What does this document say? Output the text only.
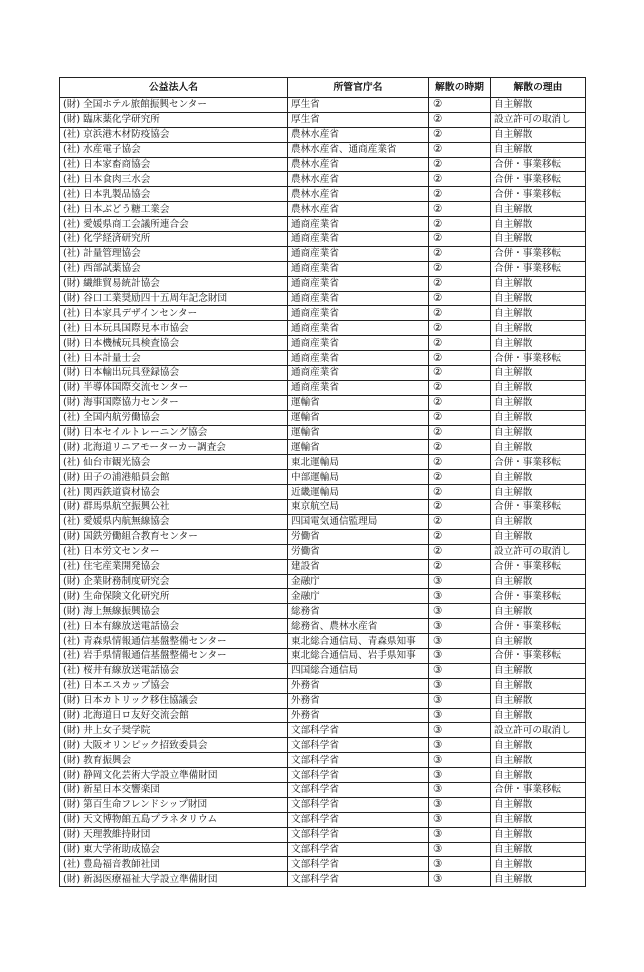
公益法人名	所管官庁名	解散の時期	解散の理由
(財) 全国ホテル旅館振興センター	厚生省	②	自主解散
(財) 臨床薬化学研究所	厚生省	②	設立許可の取消し
(社) 京浜港木材防疫協会	農林水産省	②	自主解散
(社) 水産電子協会	農林水産省、通商産業省	②	自主解散
(社) 日本家畜商協会	農林水産省	②	合併・事業移転
(社) 日本食肉三水会	農林水産省	②	合併・事業移転
(社) 日本乳製品協会	農林水産省	②	合併・事業移転
(社) 日本ぶどう糖工業会	農林水産省	②	自主解散
(社) 愛媛県商工会議所連合会	通商産業省	②	自主解散
(社) 化学経済研究所	通商産業省	②	自主解散
(社) 計量管理協会	通商産業省	②	合併・事業移転
(社) 西部試薬協会	通商産業省	②	合併・事業移転
(財) 繊維貿易統計協会	通商産業省	②	自主解散
(財) 谷口工業奨励四十五周年記念財団	通商産業省	②	自主解散
(社) 日本家具デザインセンター	通商産業省	②	自主解散
(社) 日本玩具国際見本市協会	通商産業省	②	自主解散
(財) 日本機械玩具検査協会	通商産業省	②	自主解散
(社) 日本計量士会	通商産業省	②	合併・事業移転
(財) 日本輸出玩具登録協会	通商産業省	②	自主解散
(財) 半導体国際交流センター	通商産業省	②	自主解散
(財) 海事国際協力センター	運輸省	②	自主解散
(社) 全国内航労働協会	運輸省	②	自主解散
(財) 日本セイルトレーニング協会	運輸省	②	自主解散
(財) 北海道リニアモーターカー調査会	運輸省	②	自主解散
(社) 仙台市観光協会	東北運輸局	②	合併・事業移転
(財) 田子の浦港船員会館	中部運輸局	②	自主解散
(社) 関西鉄道資材協会	近畿運輸局	②	自主解散
(財) 群馬県航空振興公社	東京航空局	②	合併・事業移転
(社) 愛媛県内航無線協会	四国電気通信監理局	②	自主解散
(財) 国鉄労働組合教育センター	労働省	②	自主解散
(社) 日本労文センター	労働省	②	設立許可の取消し
(社) 住宅産業開発協会	建設省	②	合併・事業移転
(財) 企業財務制度研究会	金融庁	③	自主解散
(財) 生命保険文化研究所	金融庁	③	合併・事業移転
(財) 海上無線振興協会	総務省	③	自主解散
(社) 日本有線放送電話協会	総務省、農林水産省	③	合併・事業移転
(社) 青森県情報通信基盤整備センター	東北総合通信局、青森県知事	③	自主解散
(社) 岩手県情報通信基盤整備センター	東北総合通信局、岩手県知事	③	合併・事業移転
(社) 桜井有線放送電話協会	四国総合通信局	③	自主解散
(社) 日本エスカップ協会	外務省	③	自主解散
(財) 日本カトリック移住協議会	外務省	③	自主解散
(財) 北海道日ロ友好交流会館	外務省	③	自主解散
(財) 井上女子奨学院	文部科学省	③	設立許可の取消し
(財) 大阪オリンピック招致委員会	文部科学省	③	自主解散
(財) 教育振興会	文部科学省	③	自主解散
(財) 静岡文化芸術大学設立準備財団	文部科学省	③	自主解散
(財) 新星日本交響楽団	文部科学省	③	合併・事業移転
(財) 第百生命フレンドシップ財団	文部科学省	③	自主解散
(財) 天文博物館五島プラネタリウム	文部科学省	③	自主解散
(財) 天理教維持財団	文部科学省	③	自主解散
(財) 東大学術助成協会	文部科学省	③	自主解散
(社) 豊島福音教師社団	文部科学省	③	自主解散
(財) 新潟医療福祉大学設立準備財団	文部科学省	③	自主解散
